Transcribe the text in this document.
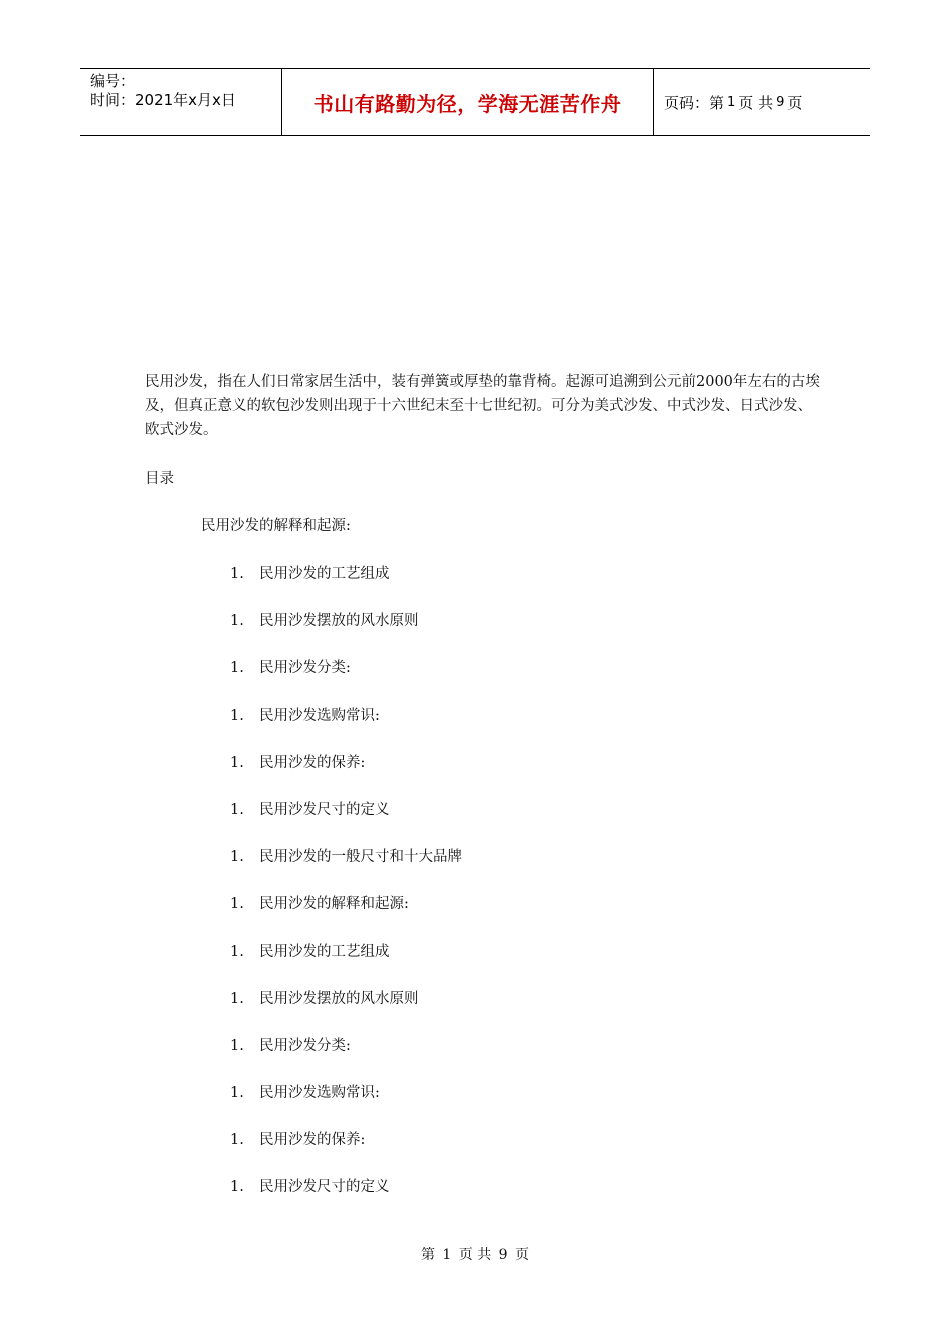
编号：
时间：2021年x月x日	书山有路勤为径，学海无涯苦作舟	页码：第 1 页 共 9 页
民用沙发，指在人们日常家居生活中，装有弹簧或厚垫的靠背椅。起源可追溯到公元前2000年左右的古埃及，但真正意义的软包沙发则出现于十六世纪末至十七世纪初。可分为美式沙发、中式沙发、日式沙发、欧式沙发。
目录
民用沙发的解释和起源:
1. 民用沙发的工艺组成
1. 民用沙发摆放的风水原则
1. 民用沙发分类:
1. 民用沙发选购常识:
1. 民用沙发的保养:
1. 民用沙发尺寸的定义
1. 民用沙发的一般尺寸和十大品牌
1. 民用沙发的解释和起源:
1. 民用沙发的工艺组成
1. 民用沙发摆放的风水原则
1. 民用沙发分类:
1. 民用沙发选购常识:
1. 民用沙发的保养:
1. 民用沙发尺寸的定义
第 1 页 共 9 页
